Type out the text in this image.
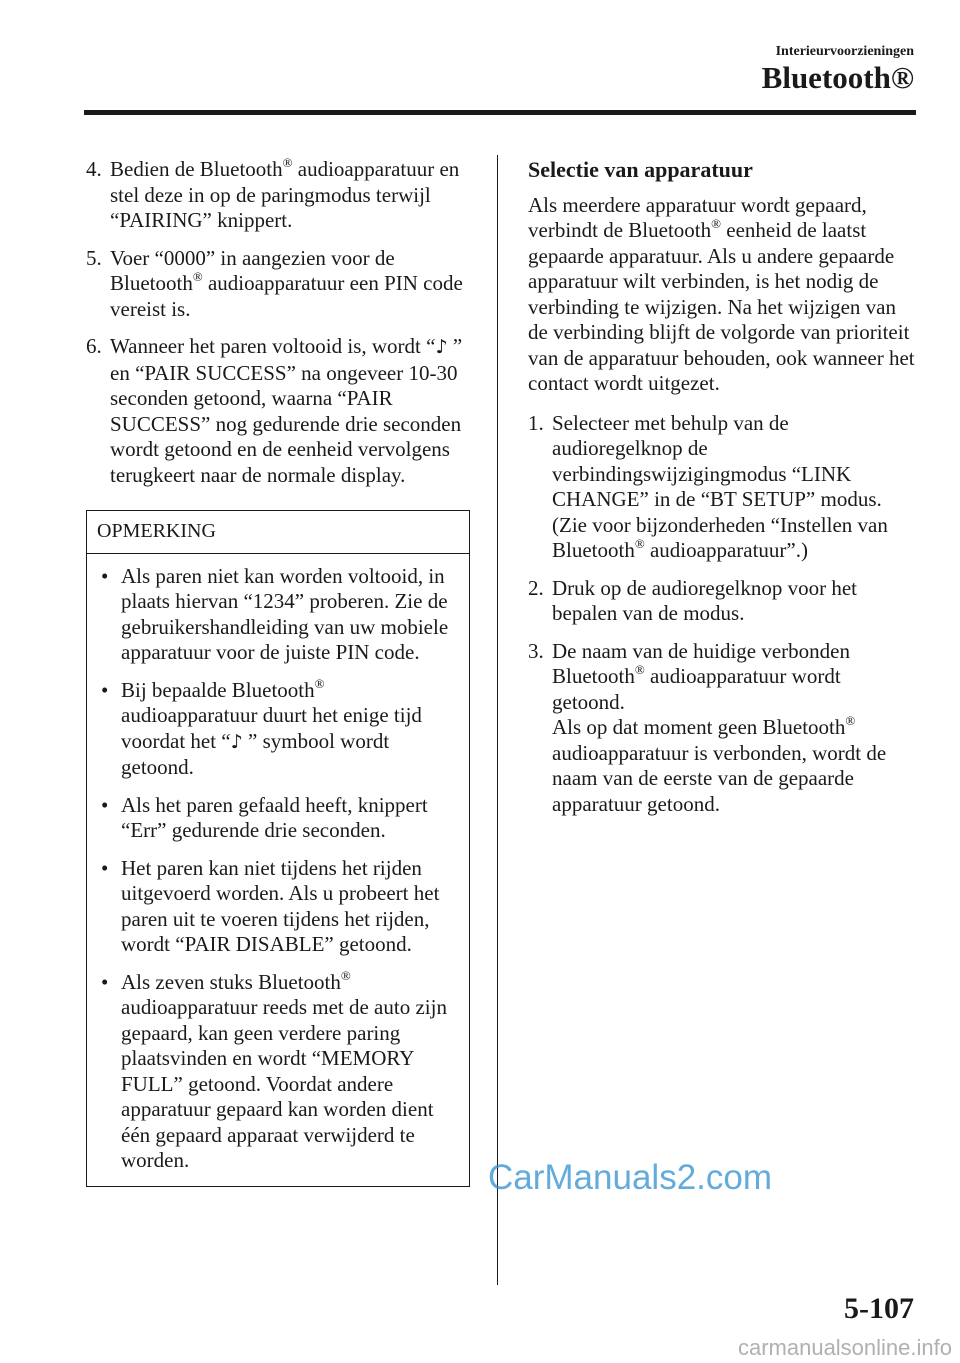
Interieurvoorzieningen
Bluetooth®
4. Bedien de Bluetooth® audioapparatuur en stel deze in op de paringmodus terwijl “PAIRING” knippert.
5. Voer “0000” in aangezien voor de Bluetooth® audioapparatuur een PIN code vereist is.
6. Wanneer het paren voltooid is, wordt “♪ ” en “PAIR SUCCESS” na ongeveer 10-30 seconden getoond, waarna “PAIR SUCCESS” nog gedurende drie seconden wordt getoond en de eenheid vervolgens terugkeert naar de normale display.
OPMERKING
• Als paren niet kan worden voltooid, in plaats hiervan “1234” proberen. Zie de gebruikershandleiding van uw mobiele apparatuur voor de juiste PIN code.
• Bij bepaalde Bluetooth® audioapparatuur duurt het enige tijd voordat het “♪ ” symbool wordt getoond.
• Als het paren gefaald heeft, knippert “Err” gedurende drie seconden.
• Het paren kan niet tijdens het rijden uitgevoerd worden. Als u probeert het paren uit te voeren tijdens het rijden, wordt “PAIR DISABLE” getoond.
• Als zeven stuks Bluetooth® audioapparatuur reeds met de auto zijn gepaard, kan geen verdere paring plaatsvinden en wordt “MEMORY FULL” getoond. Voordat andere apparatuur gepaard kan worden dient één gepaard apparaat verwijderd te worden.
Selectie van apparatuur
Als meerdere apparatuur wordt gepaard, verbindt de Bluetooth® eenheid de laatst gepaarde apparatuur. Als u andere gepaarde apparatuur wilt verbinden, is het nodig de verbinding te wijzigen. Na het wijzigen van de verbinding blijft de volgorde van prioriteit van de apparatuur behouden, ook wanneer het contact wordt uitgezet.
1. Selecteer met behulp van de audioregelknop de verbindingswijzigingmodus “LINK CHANGE” in de “BT SETUP” modus. (Zie voor bijzonderheden “Instellen van Bluetooth® audioapparatuur”.)
2. Druk op de audioregelknop voor het bepalen van de modus.
3. De naam van de huidige verbonden Bluetooth® audioapparatuur wordt getoond.
Als op dat moment geen Bluetooth® audioapparatuur is verbonden, wordt de naam van de eerste van de gepaarde apparatuur getoond.
CarManuals2.com
5-107
carmanualsonline.info
